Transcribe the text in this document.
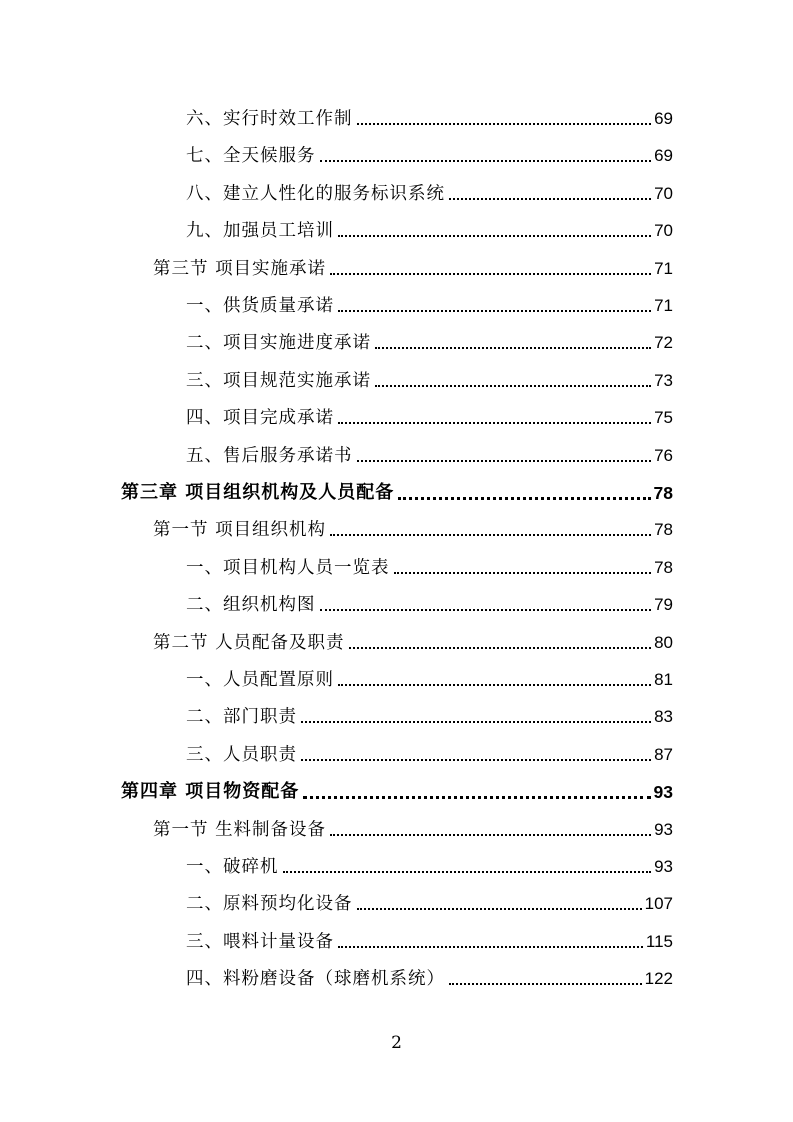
六、实行时效工作制	69
七、全天候服务	69
八、建立人性化的服务标识系统	70
九、加强员工培训	70
第三节 项目实施承诺	71
一、供货质量承诺	71
二、项目实施进度承诺	72
三、项目规范实施承诺	73
四、项目完成承诺	75
五、售后服务承诺书	76
第三章 项目组织机构及人员配备	78
第一节 项目组织机构	78
一、项目机构人员一览表	78
二、组织机构图	79
第二节 人员配备及职责	80
一、人员配置原则	81
二、部门职责	83
三、人员职责	87
第四章 项目物资配备	93
第一节 生料制备设备	93
一、破碎机	93
二、原料预均化设备	107
三、喂料计量设备	115
四、料粉磨设备（球磨机系统）	122
2
